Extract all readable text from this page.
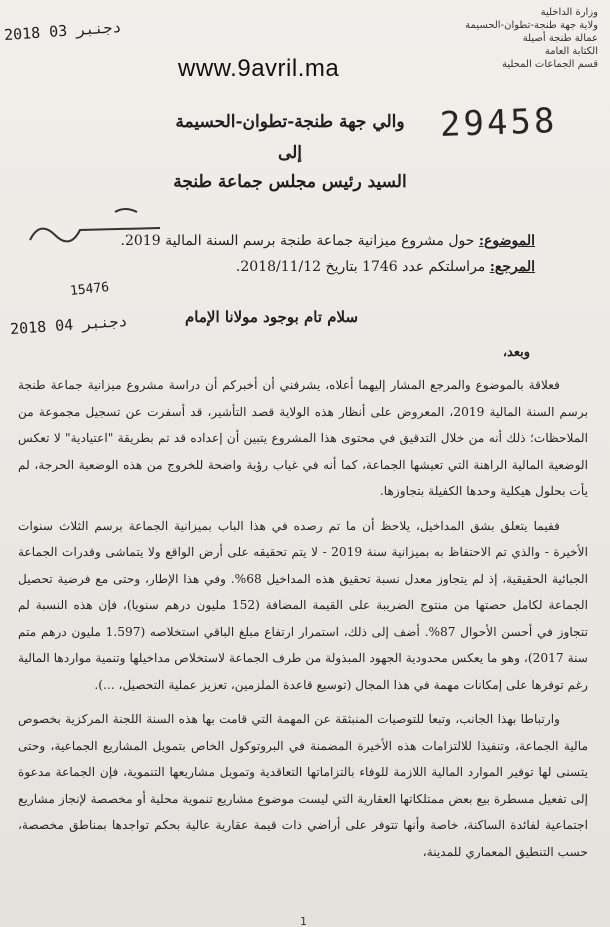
2018 دجنبر 03
www.9avril.ma
وزارة الداخلية
ولاية جهة طنجة-تطوان-الحسيمة
عمالة طنجة أصيلة
الكتابة العامة
قسم الجماعات المحلية
29458
والي جهة طنجة-تطوان-الحسيمة
إلى
السيد رئيس مجلس جماعة طنجة
الموضوع: حول مشروع ميزانية جماعة طنجة برسم السنة المالية 2019.
المرجع: مراسلتكم عدد 1746 بتاريخ 2018/11/12.
15476
2018 دجنبر 04	سلام تام بوجود مولانا الإمام
وبعد،

فعلاقة بالموضوع والمرجع المشار إليهما أعلاه، يشرفني أن أخبركم أن دراسة مشروع ميزانية جماعة طنجة برسم السنة المالية 2019، المعروض على أنظار هذه الولاية قصد التأشير، قد أسفرت عن تسجيل مجموعة من الملاحظات؛ ذلك أنه من خلال التدقيق في محتوى هذا المشروع يتبين أن إعداده قد تم بطريقة "اعتيادية" لا تعكس الوضعية المالية الراهنة التي تعيشها الجماعة، كما أنه في غياب رؤية واضحة للخروج من هذه الوضعية الحرجة، لم يأت بحلول هيكلية وحدها الكفيلة بتجاوزها.

ففيما يتعلق بشق المداخيل، يلاحظ أن ما تم رصده في هذا الباب بميزانية الجماعة برسم الثلاث سنوات الأخيرة - والذي تم الاحتفاظ به بميزانية سنة 2019 - لا يتم تحقيقه على أرض الواقع ولا يتماشى وقدرات الجماعة الجبائية الحقيقية، إذ لم يتجاوز معدل نسبة تحقيق هذه المداخيل 68%. وفي هذا الإطار، وحتى مع فرضية تحصيل الجماعة لكامل حصتها من منتوج الضريبة على القيمة المضافة (152 مليون درهم سنويا)، فإن هذه النسبة لم تتجاوز في أحسن الأحوال 87%. أضف إلى ذلك، استمرار ارتفاع مبلغ الباقي استخلاصه (1.597 مليون درهم متم سنة 2017)، وهو ما يعكس محدودية الجهود المبذولة من طرف الجماعة لاستخلاص مداخيلها وتنمية مواردها المالية رغم توفرها على إمكانات مهمة في هذا المجال (توسيع قاعدة الملزمين، تعزيز عملية التحصيل، ...).

وارتباطا بهذا الجانب، وتبعا للتوصيات المنبثقة عن المهمة التي قامت بها هذه السنة اللجنة المركزية بخصوص مالية الجماعة، وتنفيذا للالتزامات هذه الأخيرة المضمنة في البروتوكول الخاص بتمويل المشاريع الجماعية، وحتى يتسنى لها توفير الموارد المالية اللازمة للوفاء بالتزاماتها التعاقدية وتمويل مشاريعها التنموية، فإن الجماعة مدعوة إلى تفعيل مسطرة بيع بعض ممتلكاتها العقارية التي ليست موضوع مشاريع تنموية محلية أو مخصصة لإنجاز مشاريع اجتماعية لفائدة الساكنة، خاصة وأنها تتوفر على أراضي ذات قيمة عقارية عالية بحكم تواجدها بمناطق مخصصة، حسب التنطيق المعماري للمدينة،

1
